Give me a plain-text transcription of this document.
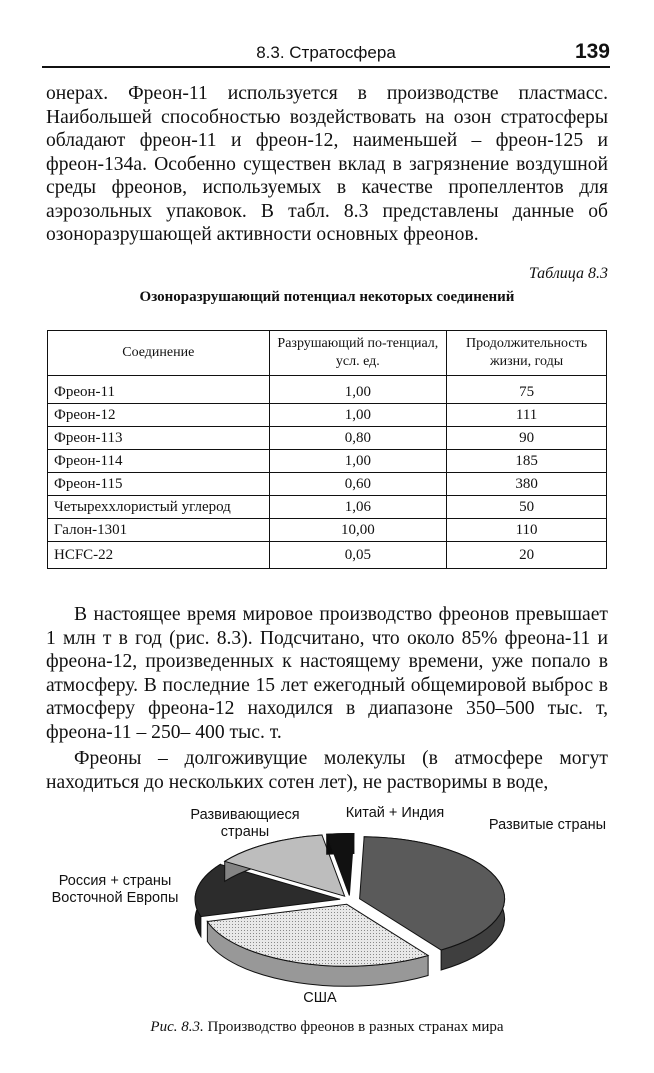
8.3. Стратосфера	139

онерах. Фреон-11 используется в производстве пластмасс. Наибольшей способностью воздействовать на озон стратосферы обладают фреон-11 и фреон-12, наименьшей – фреон-125 и фреон-134а. Особенно существен вклад в загрязнение воздушной среды фреонов, используемых в качестве пропеллентов для аэрозольных упаковок. В табл. 8.3 представлены данные об озоноразрушающей активности основных фреонов.

Таблица 8.3
Озоноразрушающий потенциал некоторых соединений
Соединение	Разрушающий по-тенциал, усл. ед.	Продолжительность жизни, годы

Фреон-11	1,00	75
Фреон-12	1,00	111
Фреон-113	0,80	90
Фреон-114	1,00	185
Фреон-115	0,60	380
Четыреххлористый углерод	1,06	50
Галон-1301	10,00	110
HCFC-22	0,05	20

В настоящее время мировое производство фреонов превышает 1 млн т в год (рис. 8.3). Подсчитано, что около 85% фреона-11 и фреона-12, произведенных к настоящему времени, уже попало в атмосферу. В последние 15 лет ежегодный общемировой выброс в атмосферу фреона-12 находился в диапазоне 350–500 тыс. т, фреона-11 – 250– 400 тыс. т.

Фреоны – долгоживущие молекулы (в атмосфере могут находиться до нескольких сотен лет), не растворимы в воде,

Развивающиеся страны
Китай + Индия
Развитые страны
Россия + страны Восточной Европы
США
Рис. 8.3. Производство фреонов в разных странах мира
